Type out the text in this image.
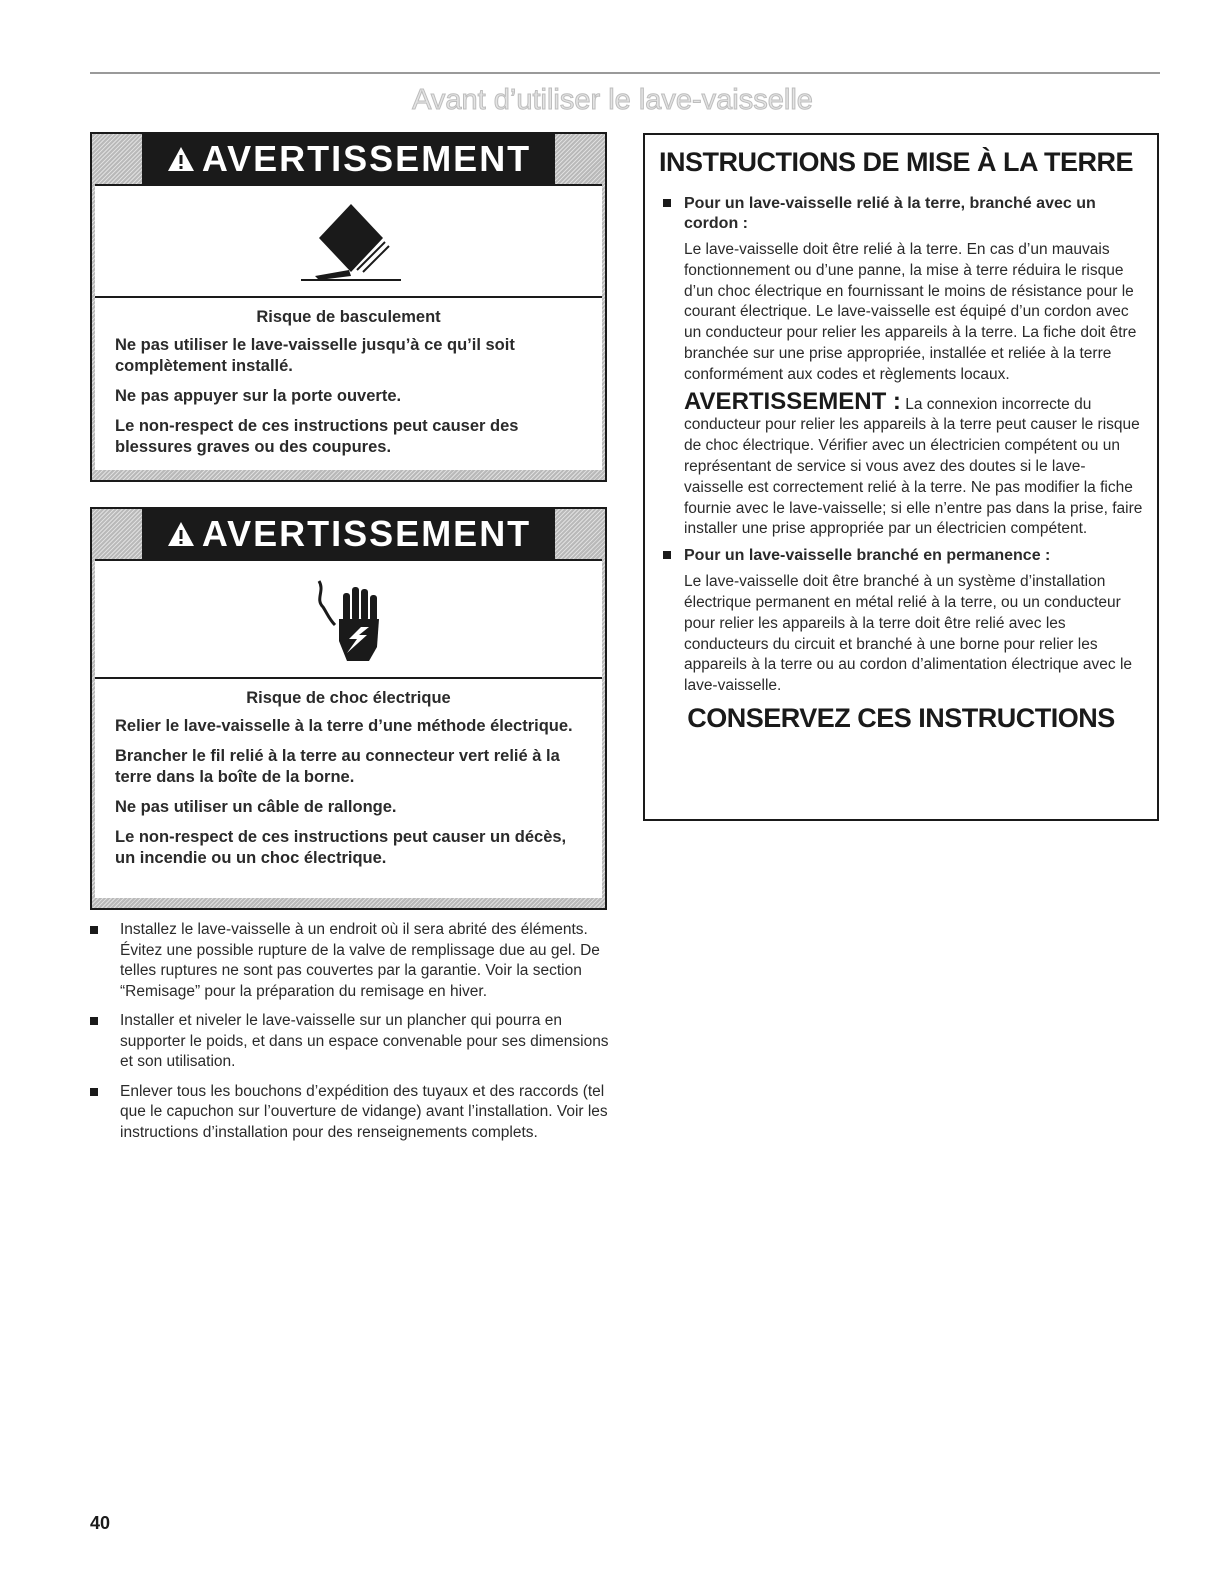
Avant d’utiliser le lave-vaisselle
AVERTISSEMENT

Risque de basculement

Ne pas utiliser le lave-vaisselle jusqu’à ce qu’il soit complètement installé.

Ne pas appuyer sur la porte ouverte.

Le non-respect de ces instructions peut causer des blessures graves ou des coupures.

AVERTISSEMENT

Risque de choc électrique

Relier le lave-vaisselle à la terre d’une méthode électrique.

Brancher le fil relié à la terre au connecteur vert relié à la terre dans la boîte de la borne.

Ne pas utiliser un câble de rallonge.

Le non-respect de ces instructions peut causer un décès, un incendie ou un choc électrique.

Installez le lave-vaisselle à un endroit où il sera abrité des éléments. Évitez une possible rupture de la valve de remplissage due au gel. De telles ruptures ne sont pas couvertes par la garantie. Voir la section “Remisage” pour la préparation du remisage en hiver.
Installer et niveler le lave-vaisselle sur un plancher qui pourra en supporter le poids, et dans un espace convenable pour ses dimensions et son utilisation.
Enlever tous les bouchons d’expédition des tuyaux et des raccords (tel que le capuchon sur l’ouverture de vidange) avant l’installation. Voir les instructions d’installation pour des renseignements complets.
INSTRUCTIONS DE MISE À LA TERRE
Pour un lave-vaisselle relié à la terre, branché avec un cordon :
Le lave-vaisselle doit être relié à la terre. En cas d’un mauvais fonctionnement ou d’une panne, la mise à terre réduira le risque d’un choc électrique en fournissant le moins de résistance pour le courant électrique. Le lave-vaisselle est équipé d’un cordon avec un conducteur pour relier les appareils à la terre. La fiche doit être branchée sur une prise appropriée, installée et reliée à la terre conformément aux codes et règlements locaux.
AVERTISSEMENT : La connexion incorrecte du conducteur pour relier les appareils à la terre peut causer le risque de choc électrique. Vérifier avec un électricien compétent ou un représentant de service si vous avez des doutes si le lave-vaisselle est correctement relié à la terre. Ne pas modifier la fiche fournie avec le lave-vaisselle; si elle n’entre pas dans la prise, faire installer une prise appropriée par un électricien compétent.
Pour un lave-vaisselle branché en permanence :
Le lave-vaisselle doit être branché à un système d’installation électrique permanent en métal relié à la terre, ou un conducteur pour relier les appareils à la terre doit être relié avec les conducteurs du circuit et branché à une borne pour relier les appareils à la terre ou au cordon d’alimentation électrique avec le lave-vaisselle.
CONSERVEZ CES INSTRUCTIONS
40
